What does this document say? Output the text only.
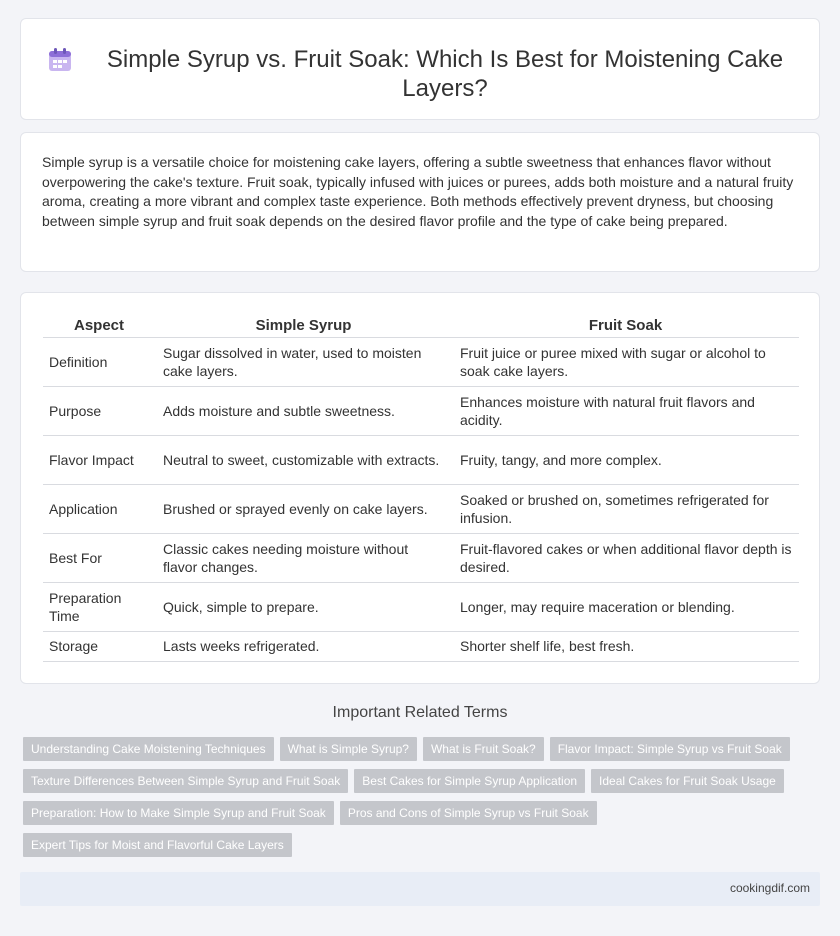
Simple Syrup vs. Fruit Soak: Which Is Best for Moistening Cake Layers?

Simple syrup is a versatile choice for moistening cake layers, offering a subtle sweetness that enhances flavor without overpowering the cake's texture. Fruit soak, typically infused with juices or purees, adds both moisture and a natural fruity aroma, creating a more vibrant and complex taste experience. Both methods effectively prevent dryness, but choosing between simple syrup and fruit soak depends on the desired flavor profile and the type of cake being prepared.

Aspect	Simple Syrup	Fruit Soak
Definition	Sugar dissolved in water, used to moisten cake layers.	Fruit juice or puree mixed with sugar or alcohol to soak cake layers.
Purpose	Adds moisture and subtle sweetness.	Enhances moisture with natural fruit flavors and acidity.
Flavor Impact	Neutral to sweet, customizable with extracts.	Fruity, tangy, and more complex.
Application	Brushed or sprayed evenly on cake layers.	Soaked or brushed on, sometimes refrigerated for infusion.
Best For	Classic cakes needing moisture without flavor changes.	Fruit-flavored cakes or when additional flavor depth is desired.
Preparation Time	Quick, simple to prepare.	Longer, may require maceration or blending.
Storage	Lasts weeks refrigerated.	Shorter shelf life, best fresh.
Important Related Terms
Understanding Cake Moistening Techniques What is Simple Syrup? What is Fruit Soak? Flavor Impact: Simple Syrup vs Fruit SoakTexture Differences Between Simple Syrup and Fruit Soak Best Cakes for Simple Syrup Application Ideal Cakes for Fruit Soak UsagePreparation: How to Make Simple Syrup and Fruit Soak Pros and Cons of Simple Syrup vs Fruit SoakExpert Tips for Moist and Flavorful Cake Layers
cookingdif.com
